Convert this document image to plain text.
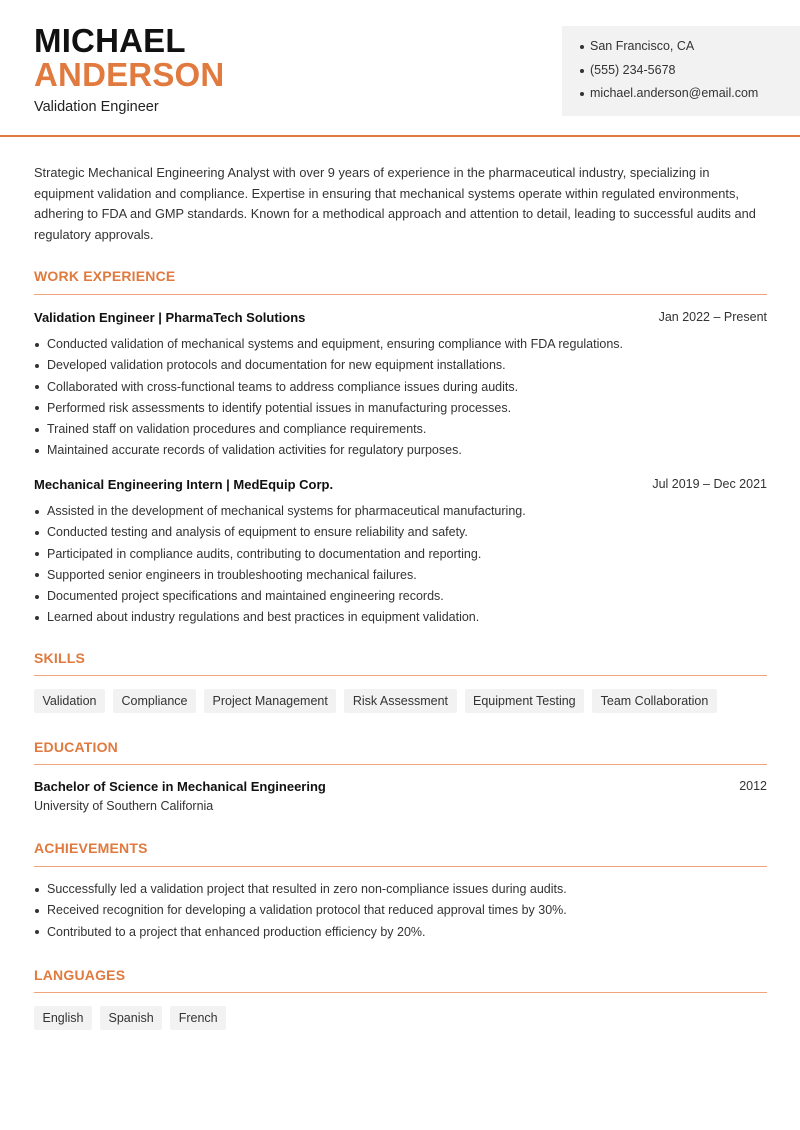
MICHAEL
ANDERSON
Validation Engineer
San Francisco, CA
(555) 234-5678
michael.anderson@email.com

Strategic Mechanical Engineering Analyst with over 9 years of experience in the pharmaceutical industry, specializing in equipment validation and compliance. Expertise in ensuring that mechanical systems operate within regulated environments, adhering to FDA and GMP standards. Known for a methodical approach and attention to detail, leading to successful audits and regulatory approvals.

WORK EXPERIENCE
Validation Engineer | PharmaTech Solutions	Jan 2022 – Present
Conducted validation of mechanical systems and equipment, ensuring compliance with FDA regulations.
Developed validation protocols and documentation for new equipment installations.
Collaborated with cross-functional teams to address compliance issues during audits.
Performed risk assessments to identify potential issues in manufacturing processes.
Trained staff on validation procedures and compliance requirements.
Maintained accurate records of validation activities for regulatory purposes.
Mechanical Engineering Intern | MedEquip Corp.	Jul 2019 – Dec 2021
Assisted in the development of mechanical systems for pharmaceutical manufacturing.
Conducted testing and analysis of equipment to ensure reliability and safety.
Participated in compliance audits, contributing to documentation and reporting.
Supported senior engineers in troubleshooting mechanical failures.
Documented project specifications and maintained engineering records.
Learned about industry regulations and best practices in equipment validation.
SKILLS
Validation	Compliance	Project Management	Risk Assessment	Equipment Testing	Team Collaboration
EDUCATION
Bachelor of Science in Mechanical Engineering	2012
University of Southern California
ACHIEVEMENTS
Successfully led a validation project that resulted in zero non-compliance issues during audits.
Received recognition for developing a validation protocol that reduced approval times by 30%.
Contributed to a project that enhanced production efficiency by 20%.
LANGUAGES
English	Spanish	French
